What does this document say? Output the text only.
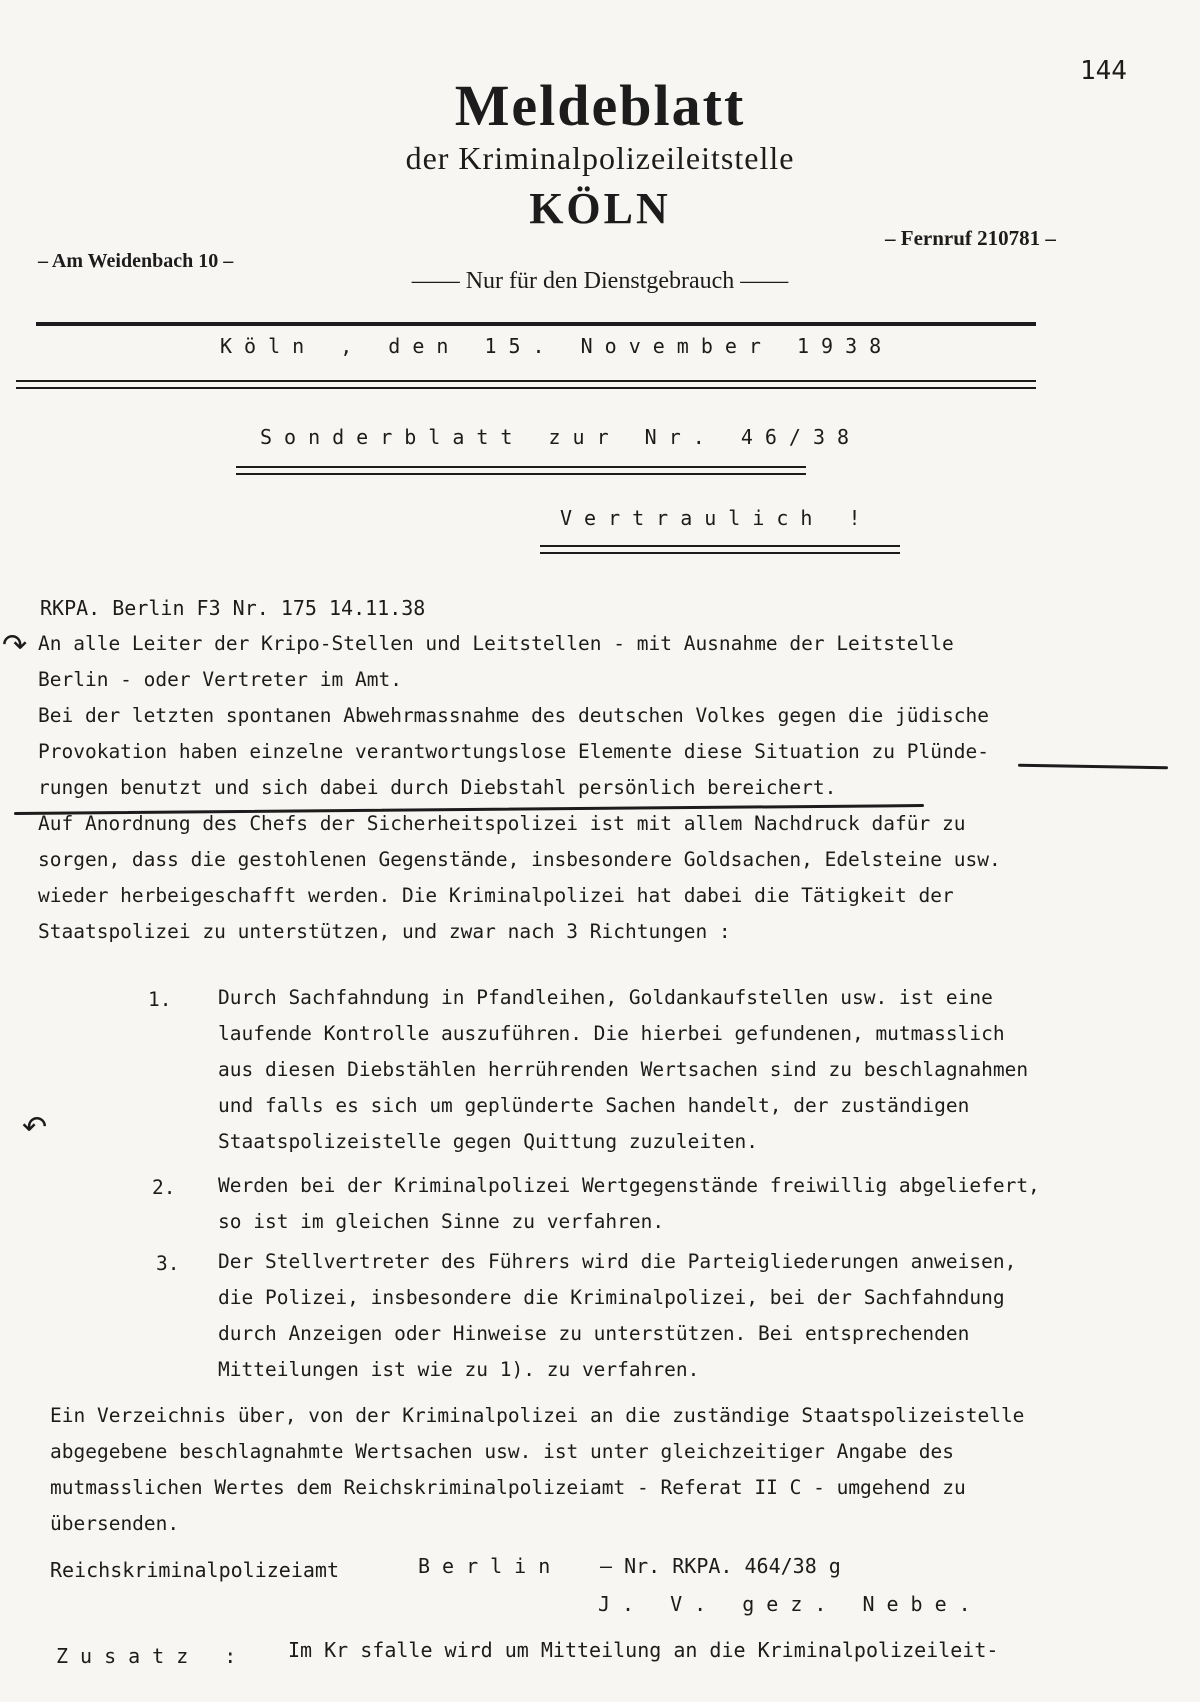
144
Meldeblatt
der Kriminalpolizeileitstelle
KÖLN
– Am Weidenbach 10 –
– Fernruf 210781 –
—— Nur für den Dienstgebrauch ——
Köln , den 15. November 1938
Sonderblatt zur Nr. 46/38
Vertraulich !
RKPA. Berlin F3 Nr. 175 14.11.38
↷
↶
An alle Leiter der Kripo-Stellen und Leitstellen - mit Ausnahme der Leitstelle
Berlin - oder Vertreter im Amt.
Bei der letzten spontanen Abwehrmassnahme des deutschen Volkes gegen die jüdische
Provokation haben einzelne verantwortungslose Elemente diese Situation zu Plünde-
rungen benutzt und sich dabei durch Diebstahl persönlich bereichert.
Auf Anordnung des Chefs der Sicherheitspolizei ist mit allem Nachdruck dafür zu
sorgen, dass die gestohlenen Gegenstände, insbesondere Goldsachen, Edelsteine usw.
wieder herbeigeschafft werden. Die Kriminalpolizei hat dabei die Tätigkeit der
Staatspolizei zu unterstützen, und zwar nach 3 Richtungen :
1. Durch Sachfahndung in Pfandleihen, Goldankaufstellen usw. ist eine
laufende Kontrolle auszuführen. Die hierbei gefundenen, mutmasslich
aus diesen Diebstählen herrührenden Wertsachen sind zu beschlagnahmen
und falls es sich um geplünderte Sachen handelt, der zuständigen
Staatspolizeistelle gegen Quittung zuzuleiten.
2. Werden bei der Kriminalpolizei Wertgegenstände freiwillig abgeliefert,
so ist im gleichen Sinne zu verfahren.
3. Der Stellvertreter des Führers wird die Parteigliederungen anweisen,
die Polizei, insbesondere die Kriminalpolizei, bei der Sachfahndung
durch Anzeigen oder Hinweise zu unterstützen. Bei entsprechenden
Mitteilungen ist wie zu 1). zu verfahren.
Ein Verzeichnis über, von der Kriminalpolizei an die zuständige Staatspolizeistelle
abgegebene beschlagnahmte Wertsachen usw. ist unter gleichzeitiger Angabe des
mutmasslichen Wertes dem Reichskriminalpolizeiamt - Referat II C - umgehend zu
übersenden.
Reichskriminalpolizeiamt	Berlin – Nr. RKPA. 464/38 g
J. V. gez. Nebe.
Zusatz : Im Kr sfalle wird um Mitteilung an die Kriminalpolizeileit-
